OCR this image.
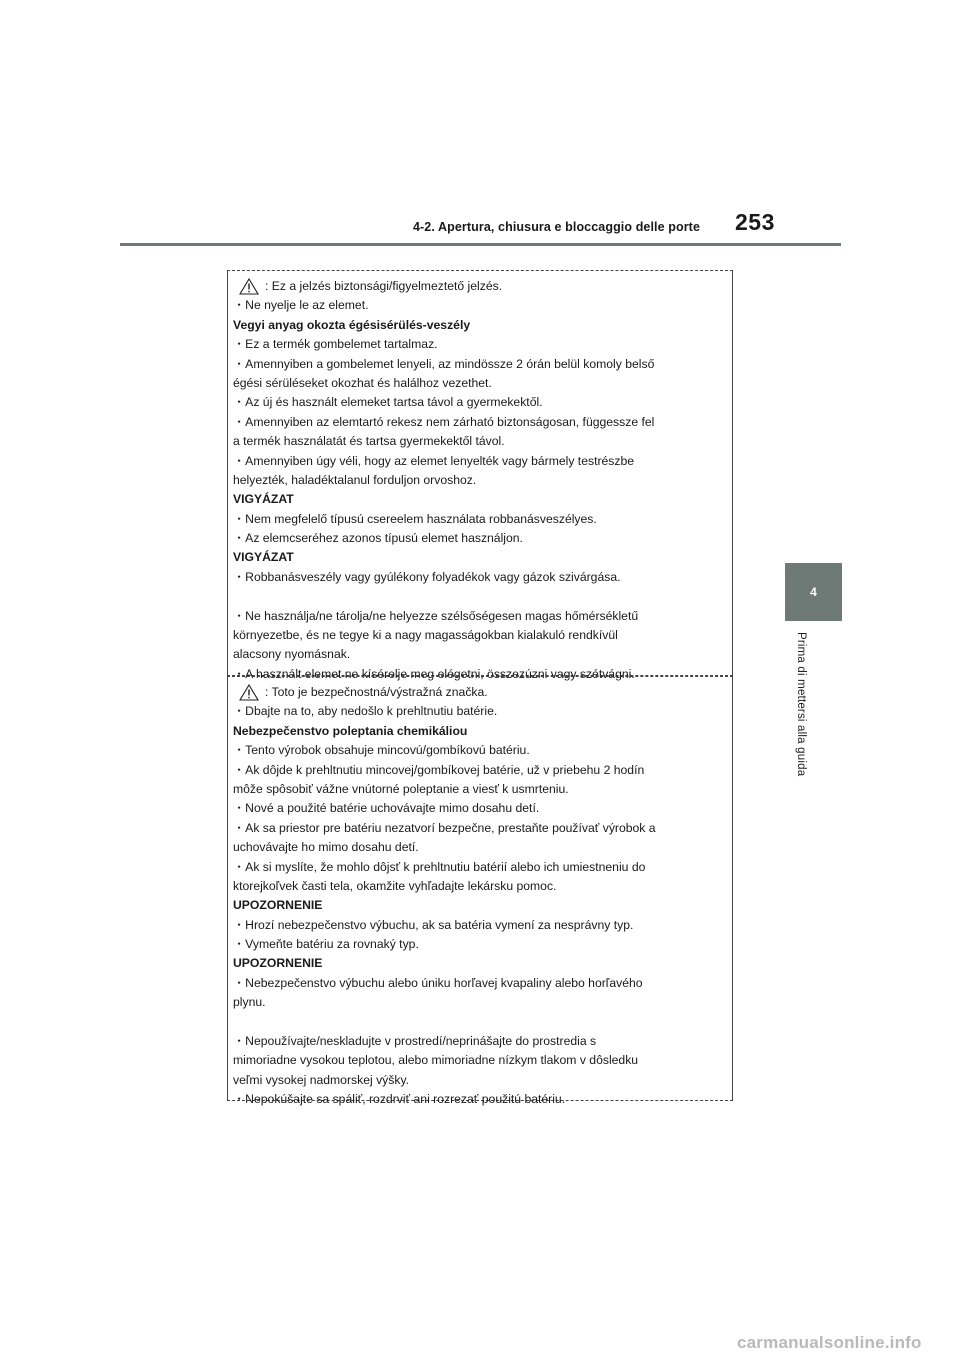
4-2. Apertura, chiusura e bloccaggio delle porte 253
4
Prima di mettersi alla guida
: Ez a jelzés biztonsági/figyelmeztető jelzés.
・Ne nyelje le az elemet.
Vegyi anyag okozta égésisérülés-veszély
・Ez a termék gombelemet tartalmaz.
・Amennyiben a gombelemet lenyeli, az mindössze 2 órán belül komoly belső
égési sérüléseket okozhat és halálhoz vezethet.
・Az új és használt elemeket tartsa távol a gyermekektől.
・Amennyiben az elemtartó rekesz nem zárható biztonságosan, függessze fel
a termék használatát és tartsa gyermekektől távol.
・Amennyiben úgy véli, hogy az elemet lenyelték vagy bármely testrészbe
helyezték, haladéktalanul forduljon orvoshoz.
VIGYÁZAT
・Nem megfelelő típusú csereelem használata robbanásveszélyes.
・Az elemcseréhez azonos típusú elemet használjon.
VIGYÁZAT
・Robbanásveszély vagy gyúlékony folyadékok vagy gázok szivárgása.
・Ne használja/ne tárolja/ne helyezze szélsőségesen magas hőmérsékletű
környezetbe, és ne tegye ki a nagy magasságokban kialakuló rendkívül
alacsony nyomásnak.
・A használt elemet ne kísérelje meg elégetni, összezúzni vagy szétvágni.
: Toto je bezpečnostná/výstražná značka.
・Dbajte na to, aby nedošlo k prehltnutiu batérie.
Nebezpečenstvo poleptania chemikáliou
・Tento výrobok obsahuje mincovú/gombíkovú batériu.
・Ak dôjde k prehltnutiu mincovej/gombíkovej batérie, už v priebehu 2 hodín
môže spôsobiť vážne vnútorné poleptanie a viesť k usmrteniu.
・Nové a použité batérie uchovávajte mimo dosahu detí.
・Ak sa priestor pre batériu nezatvorí bezpečne, prestaňte používať výrobok a
uchovávajte ho mimo dosahu detí.
・Ak si myslíte, že mohlo dôjsť k prehltnutiu batérií alebo ich umiestneniu do
ktorejkoľvek časti tela, okamžite vyhľadajte lekársku pomoc.
UPOZORNENIE
・Hrozí nebezpečenstvo výbuchu, ak sa batéria vymení za nesprávny typ.
・Vymeňte batériu za rovnaký typ.
UPOZORNENIE
・Nebezpečenstvo výbuchu alebo úniku horľavej kvapaliny alebo horľavého
plynu.
・Nepoužívajte/neskladujte v prostredí/neprinášajte do prostredia s
mimoriadne vysokou teplotou, alebo mimoriadne nízkym tlakom v dôsledku
veľmi vysokej nadmorskej výšky.
・Nepokúšajte sa spáliť, rozdrviť ani rozrezať použitú batériu.
carmanualsonline.info
